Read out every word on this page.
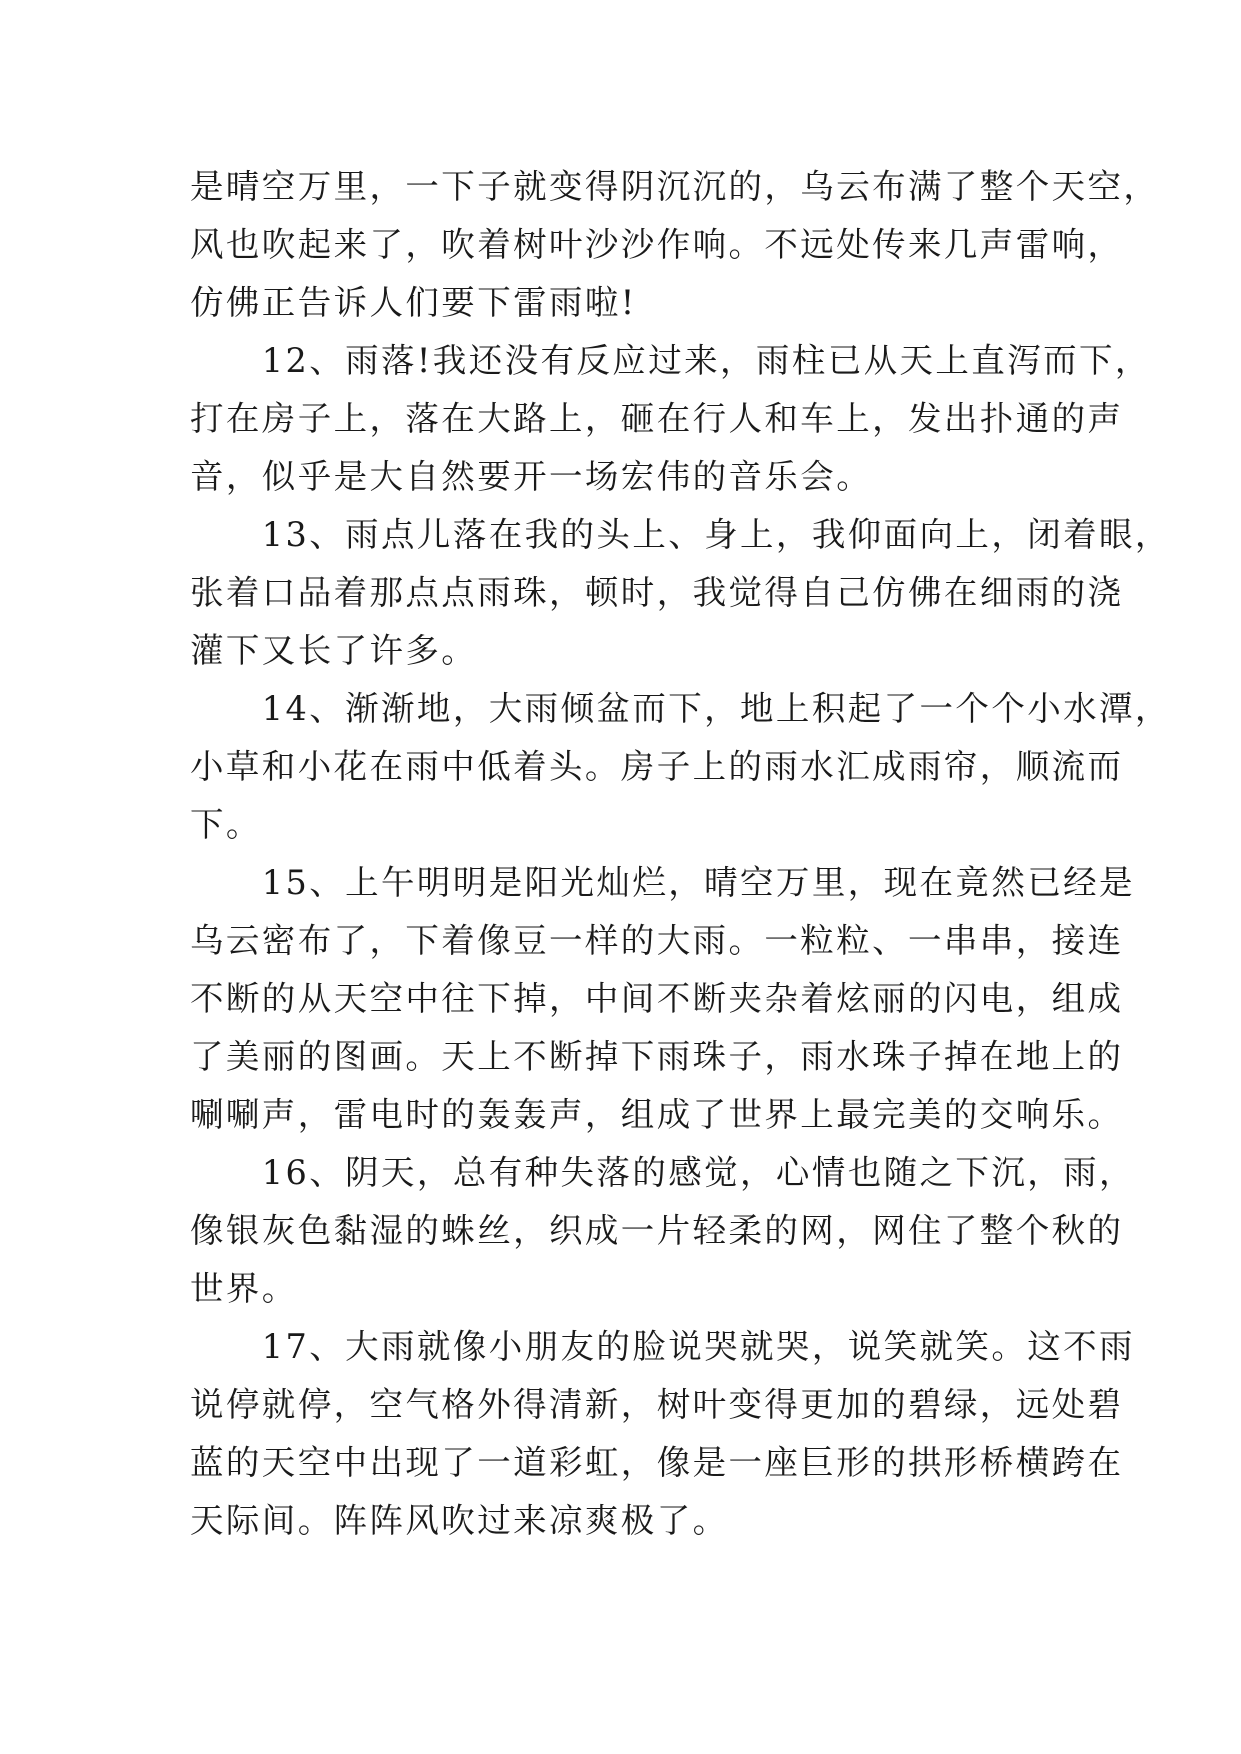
是晴空万里，一下子就变得阴沉沉的，乌云布满了整个天空，
风也吹起来了，吹着树叶沙沙作响。不远处传来几声雷响，
仿佛正告诉人们要下雷雨啦!

　　12、雨落!我还没有反应过来，雨柱已从天上直泻而下，
打在房子上，落在大路上，砸在行人和车上，发出扑通的声
音，似乎是大自然要开一场宏伟的音乐会。

　　13、雨点儿落在我的头上、身上，我仰面向上，闭着眼，
张着口品着那点点雨珠，顿时，我觉得自己仿佛在细雨的浇
灌下又长了许多。

　　14、渐渐地，大雨倾盆而下，地上积起了一个个小水潭，
小草和小花在雨中低着头。房子上的雨水汇成雨帘，顺流而
下。

　　15、上午明明是阳光灿烂，晴空万里，现在竟然已经是
乌云密布了，下着像豆一样的大雨。一粒粒、一串串，接连
不断的从天空中往下掉，中间不断夹杂着炫丽的闪电，组成
了美丽的图画。天上不断掉下雨珠子，雨水珠子掉在地上的
唰唰声，雷电时的轰轰声，组成了世界上最完美的交响乐。

　　16、阴天，总有种失落的感觉，心情也随之下沉，雨，
像银灰色黏湿的蛛丝，织成一片轻柔的网，网住了整个秋的
世界。

　　17、大雨就像小朋友的脸说哭就哭，说笑就笑。这不雨
说停就停，空气格外得清新，树叶变得更加的碧绿，远处碧
蓝的天空中出现了一道彩虹，像是一座巨形的拱形桥横跨在
天际间。阵阵风吹过来凉爽极了。
